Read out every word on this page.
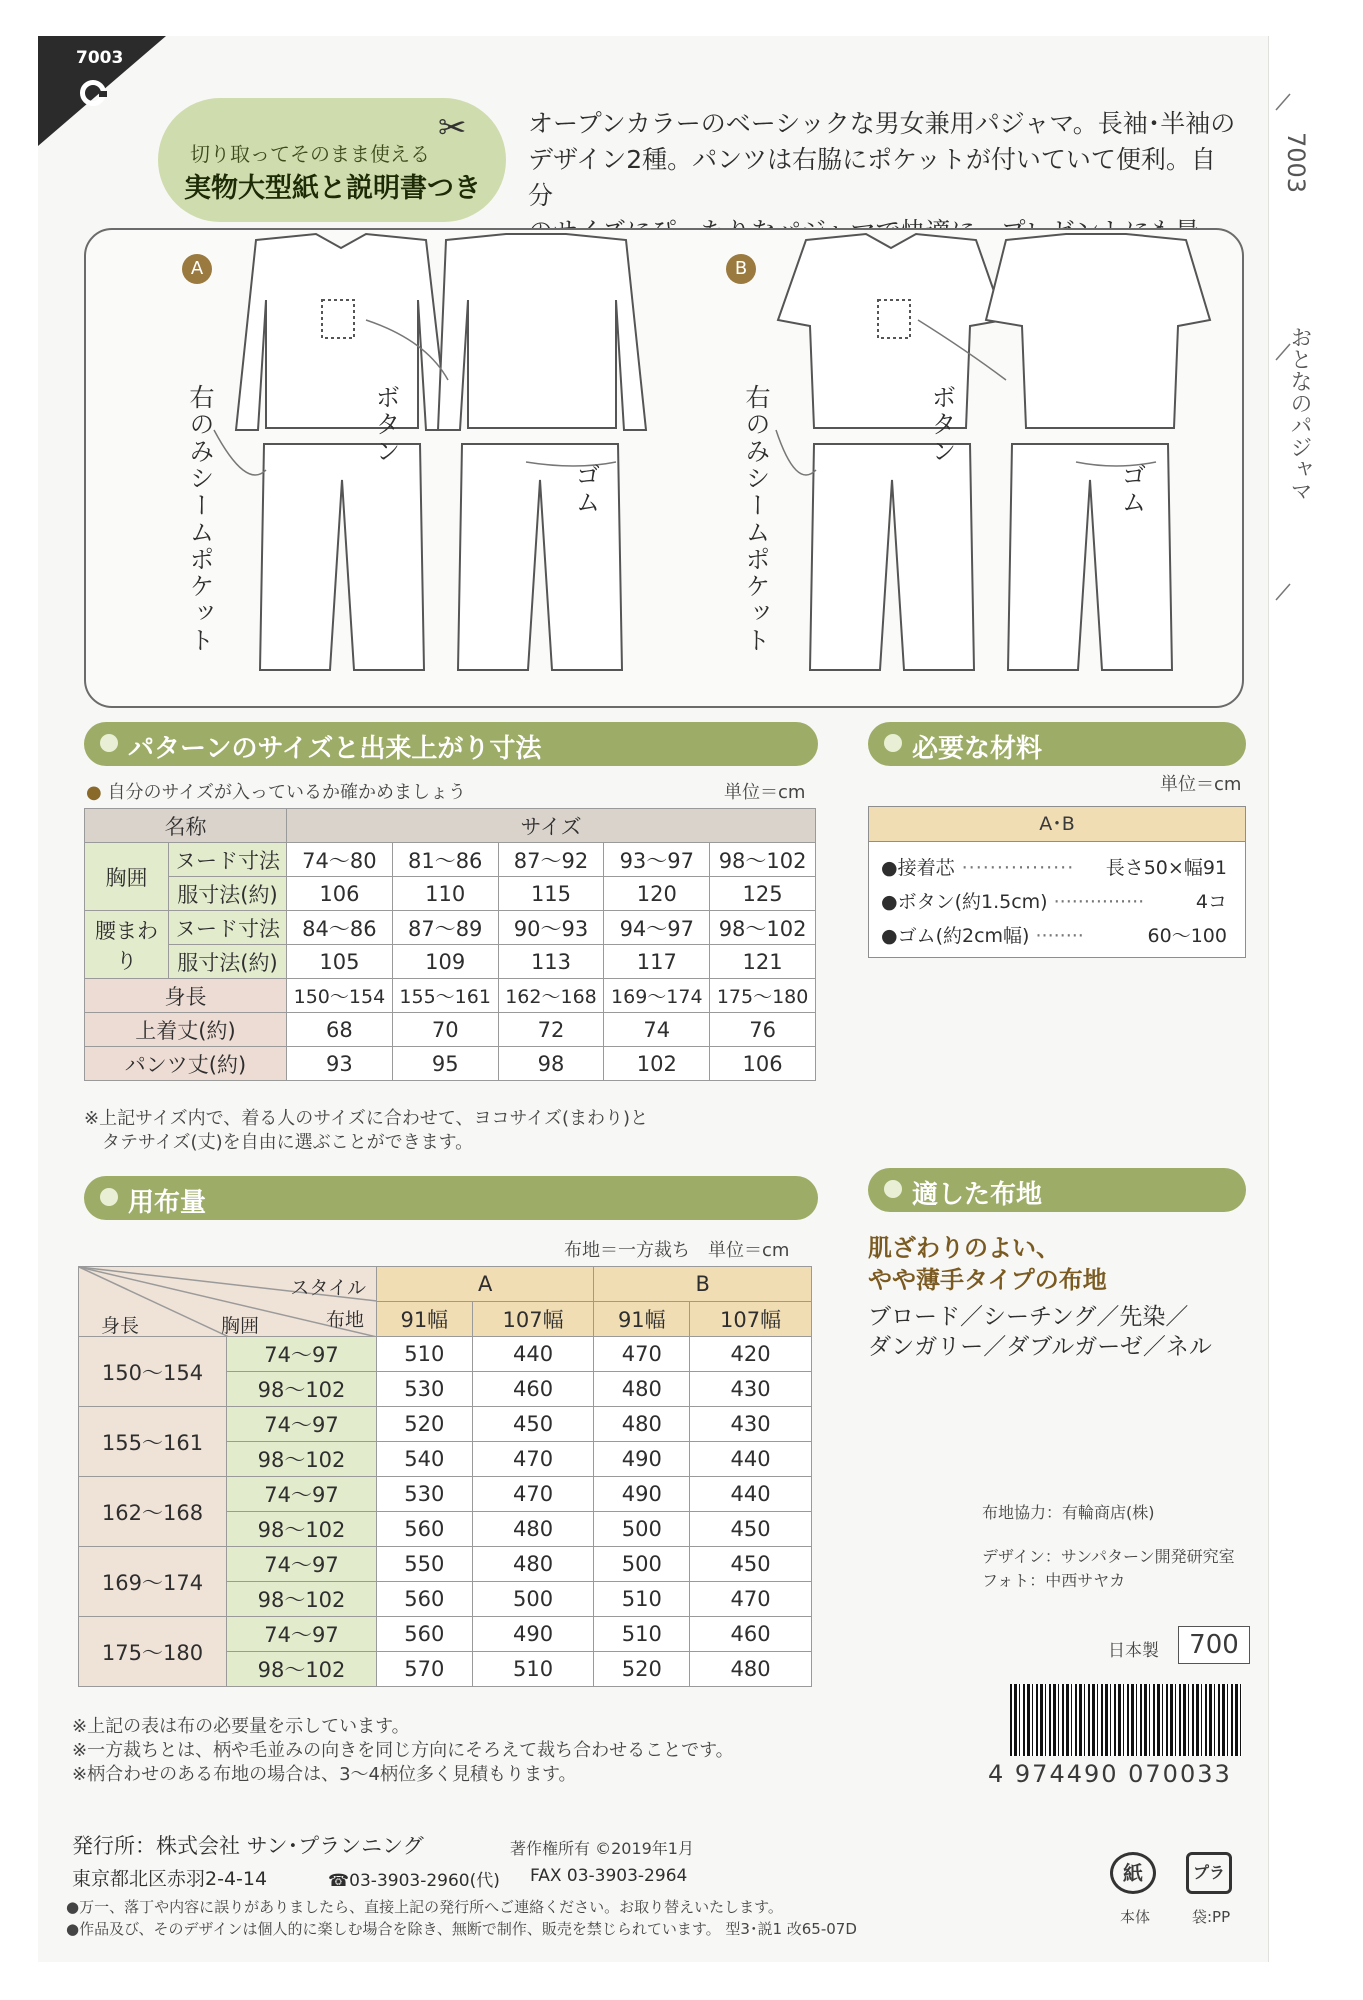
7003
切り取ってそのまま使える
実物大型紙と説明書つき
✂ オープンカラーのベーシックな男女兼用パジャマ。長袖･半袖の
デザイン2種。パンツは右脇にポケットが付いていて便利。自分
7003
おとなのパジャマ
A	B
ボタン
右のみシームポケット	ゴム
ボタン
右のみシームポケット	ゴム
パターンのサイズと出来上がり寸法
● 自分のサイズが入っているか確かめましょう	単位＝cm
名称		サイズ				
胸囲	ヌード寸法	74〜80	81〜86	87〜92	93〜97	98〜102
	服寸法(約)	106	110	115	120	125
腰まわり	ヌード寸法	84〜86	87〜89	90〜93	94〜97	98〜102
	服寸法(約)	105	109	113	117	121
身長		150〜154	155〜161	162〜168	169〜174	175〜180
上着丈(約)		68	70	72	74	76
パンツ丈(約)		93	95	98	102	106
※上記サイズ内で、着る人のサイズに合わせて、ヨコサイズ(まわり)と
タテサイズ(丈)を自由に選ぶことができます。
必要な材料
単位＝cm
A･B
●接着芯 ················ 長さ50×幅91
●ボタン(約1.5cm) ···············	4コ
●ゴム(約2cm幅) ········	60〜100
用布量
布地＝一方裁ち　単位＝cm
スタイル
布地
身長 胸囲		A		B	
		91幅	107幅	91幅	107幅
150〜154	74〜97	510	440	470	420
	98〜102	530	460	480	430
155〜161	74〜97	520	450	480	430
	98〜102	540	470	490	440
162〜168	74〜97	530	470	490	440
	98〜102	560	480	500	450
169〜174	74〜97	550	480	500	450
	98〜102	560	500	510	470
175〜180	74〜97	560	490	510	460
	98〜102	570	510	520	480
※上記の表は布の必要量を示しています。
※一方裁ちとは、柄や毛並みの向きを同じ方向にそろえて裁ち合わせることです。
※柄合わせのある布地の場合は、3〜4柄位多く見積もります。
適した布地
肌ざわりのよい、
やや薄手タイプの布地
ブロード／シーチング／先染／
ダンガリー／ダブルガーゼ／ネル
布地協力：有輪商店(株)
デザイン：サンパターン開発研究室
フォト：中西サヤカ
日本製	700
4 974490 070033
発行所：株式会社 サン･プランニング	著作権所有 ©2019年1月
東京都北区赤羽2-4-14	☎03-3903-2960(代) FAX 03-3903-2964
●万一、落丁や内容に誤りがありましたら、直接上記の発行所へご連絡ください。お取り替えいたします。
●作品及び、そのデザインは個人的に楽しむ場合を除き、無断で制作、販売を禁じられています。 型3･説1 改65-07D
紙
本体
プラ
袋:PP
